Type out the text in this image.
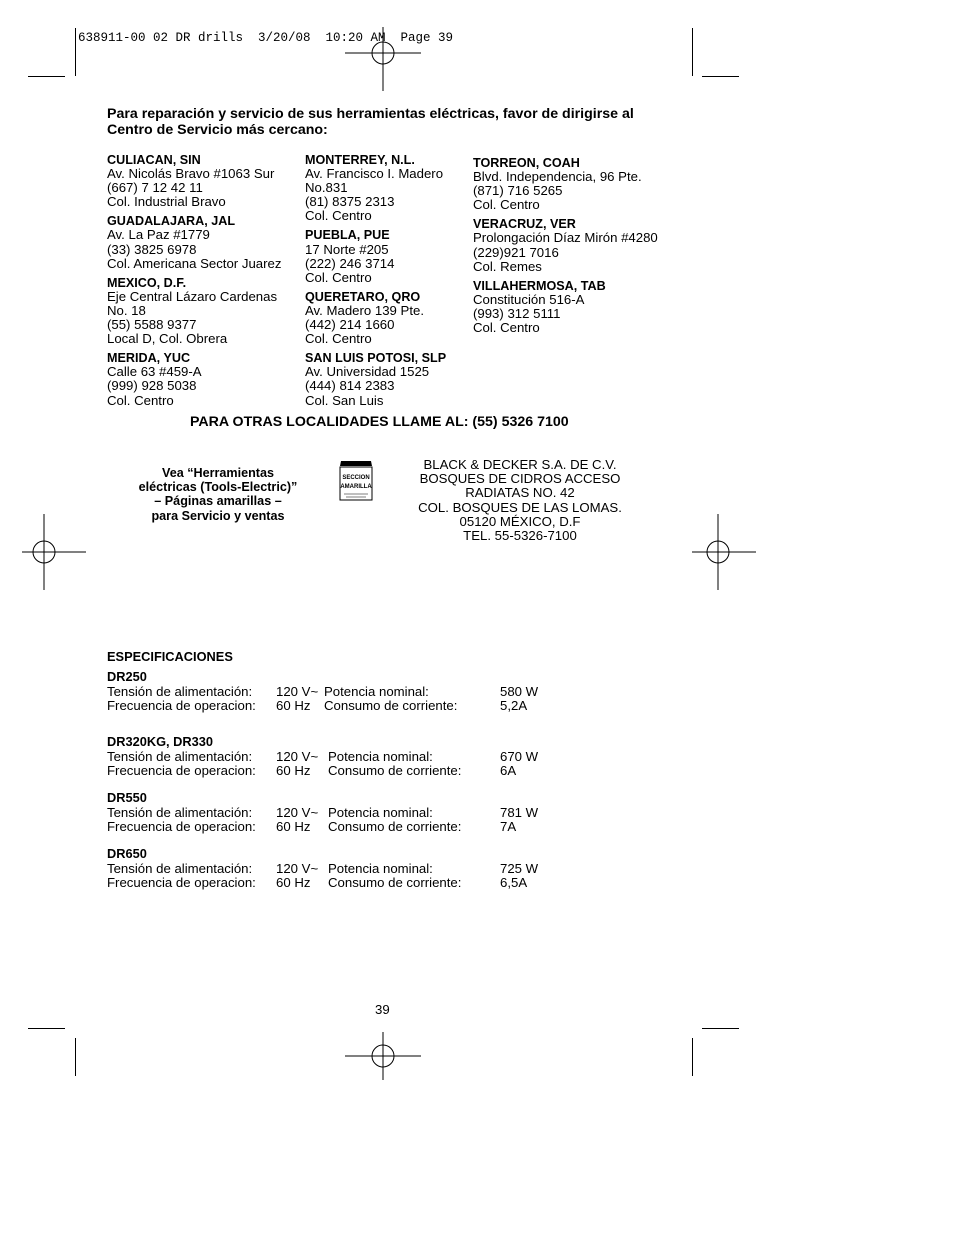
638911-00 02 DR drills  3/20/08  10:20 AM  Page 39
Para reparación y servicio de sus herramientas eléctricas, favor de dirigirse al Centro de Servicio más cercano:
CULIACAN, SIN
Av. Nicolás Bravo #1063 Sur
(667) 7 12 42 11
Col. Industrial Bravo
GUADALAJARA, JAL
Av. La Paz #1779
(33) 3825 6978
Col. Americana Sector Juarez
MEXICO, D.F.
Eje Central Lázaro Cardenas
No. 18
(55) 5588 9377
Local D, Col. Obrera
MERIDA, YUC
Calle 63 #459-A
(999) 928 5038
Col. Centro
MONTERREY, N.L.
Av. Francisco I. Madero
No.831
(81) 8375 2313
Col. Centro
PUEBLA, PUE
17 Norte #205
(222) 246 3714
Col. Centro
QUERETARO, QRO
Av. Madero 139 Pte.
(442) 214 1660
Col. Centro
SAN LUIS POTOSI, SLP
Av. Universidad 1525
(444) 814 2383
Col. San Luis
TORREON, COAH
Blvd. Independencia, 96 Pte.
(871) 716 5265
Col. Centro
VERACRUZ, VER
Prolongación Díaz Mirón #4280
(229)921 7016
Col. Remes
VILLAHERMOSA, TAB
Constitución 516-A
(993) 312 5111
Col. Centro
PARA OTRAS LOCALIDADES LLAME AL: (55) 5326 7100
Vea “Herramientas
eléctricas (Tools-Electric)”
– Páginas amarillas –
para Servicio y ventas
SECCION
AMARILLA
BLACK & DECKER S.A. DE C.V.
BOSQUES DE CIDROS ACCESO
RADIATAS NO. 42
COL. BOSQUES DE LAS LOMAS.
05120 MÉXICO, D.F
TEL. 55-5326-7100
ESPECIFICACIONES
DR250
Tensión de alimentación: 120 V~ Potencia nominal:	580 W
Frecuencia de operacion: 60 Hz Consumo de corriente:	5,2A
DR320KG, DR330
Tensión de alimentación: 120 V~ Potencia nominal:	670 W
Frecuencia de operacion: 60 Hz Consumo de corriente:	6A
DR550
Tensión de alimentación: 120 V~ Potencia nominal:	781 W
Frecuencia de operacion: 60 Hz Consumo de corriente:	7A
DR650
Tensión de alimentación: 120 V~ Potencia nominal:	725 W
Frecuencia de operacion: 60 Hz Consumo de corriente:	6,5A
39
